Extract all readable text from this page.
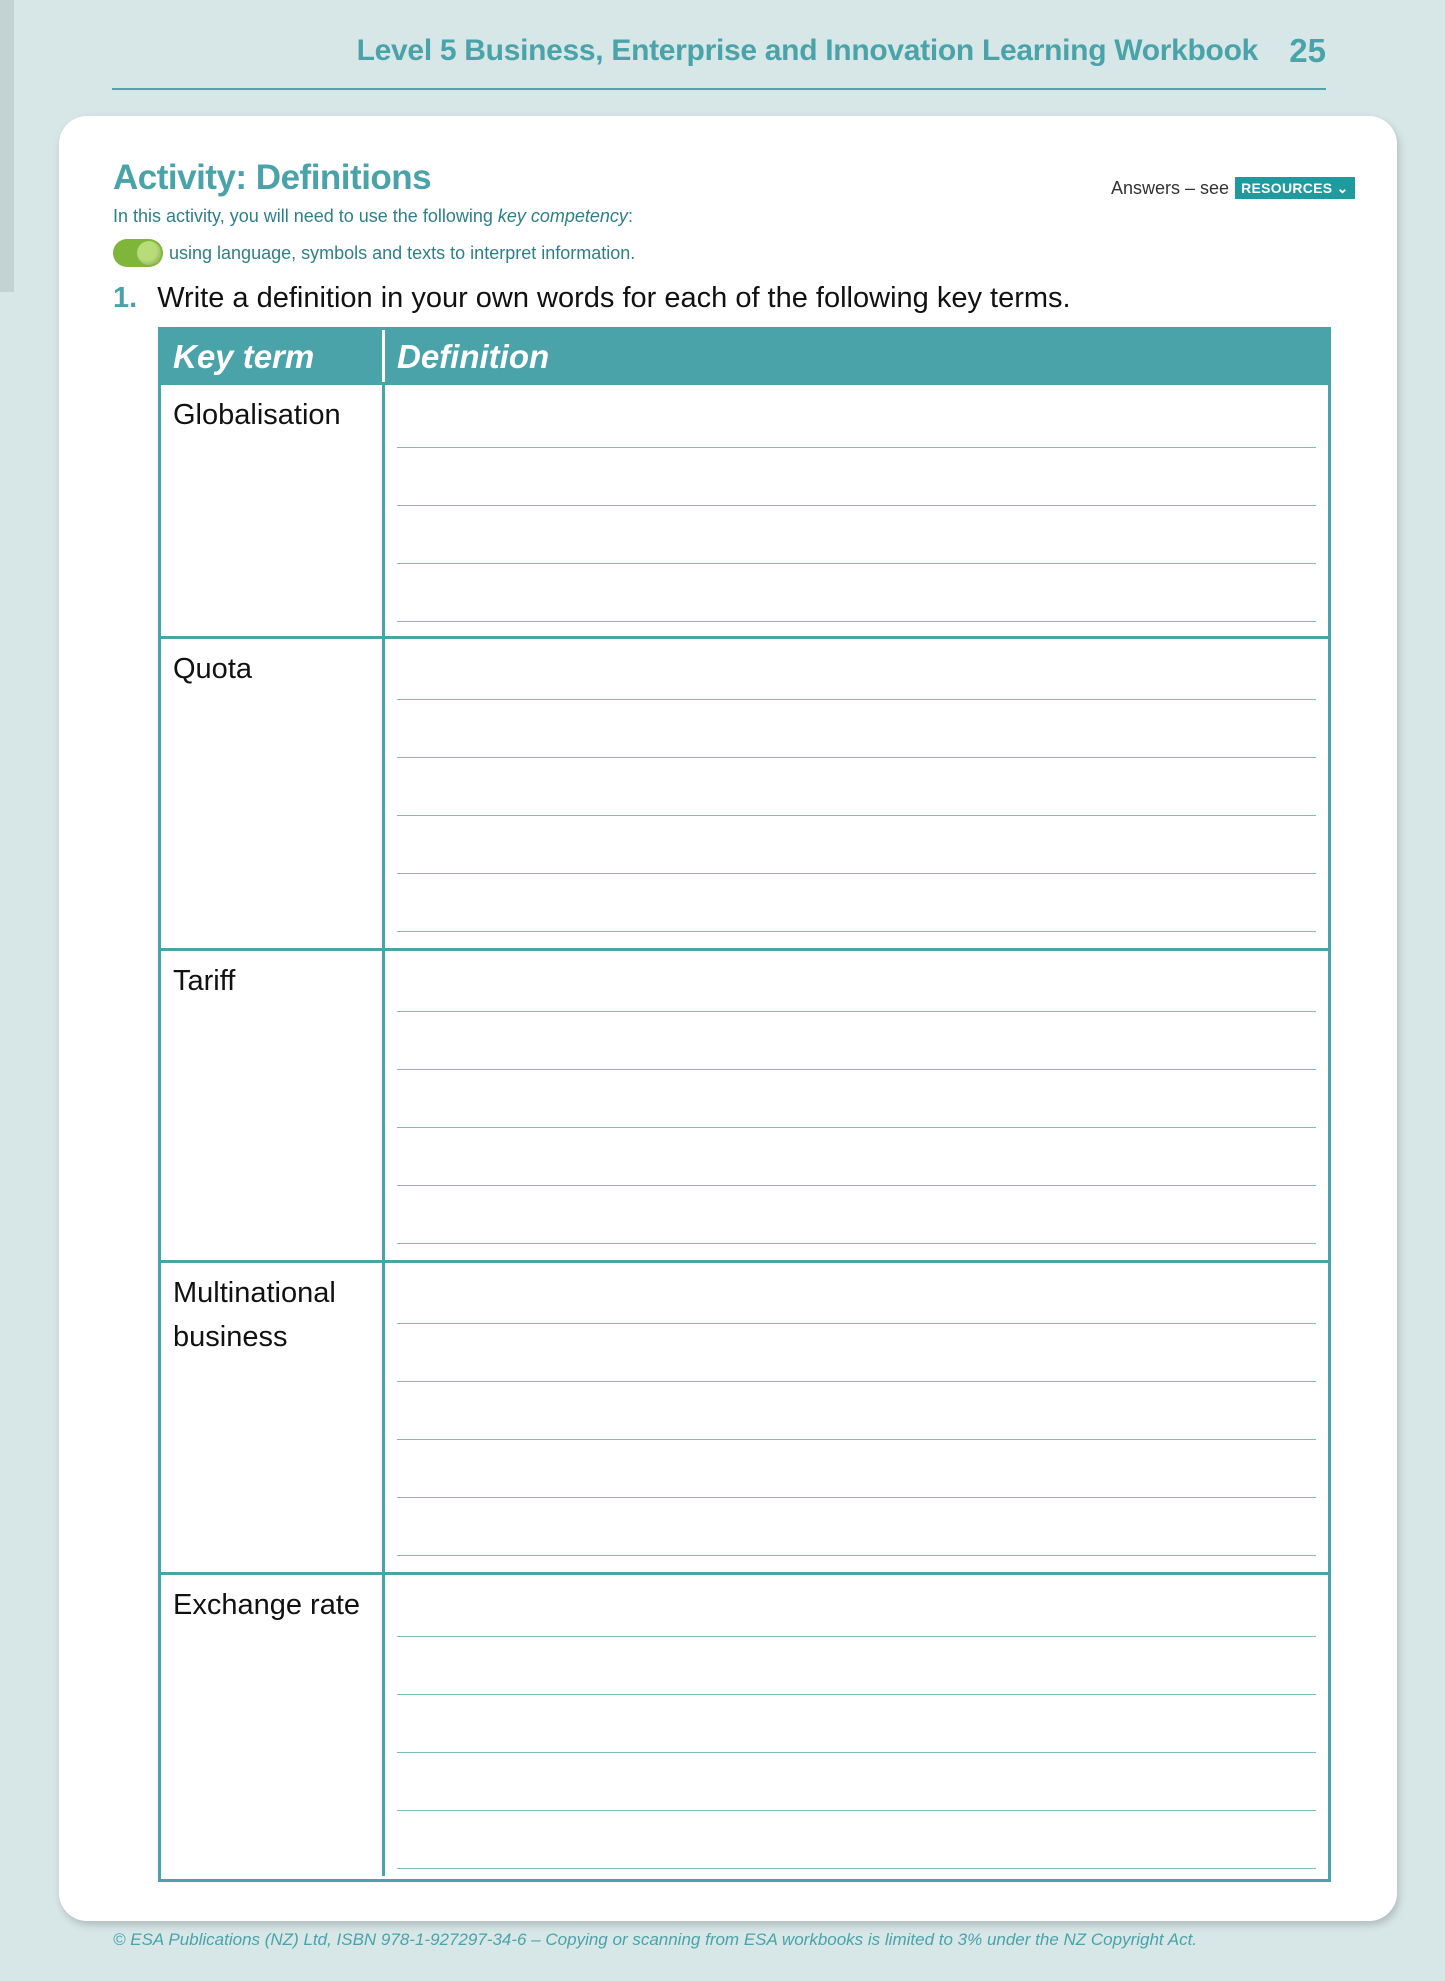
Level 5 Business, Enterprise and Innovation Learning Workbook 25
Activity: Definitions	Answers – see RESOURCES ⌄
In this activity, you will need to use the following key competency:
using language, symbols and texts to interpret information.
1. Write a definition in your own words for each of the following key terms.
Key term	Definition
Globalisation
Quota
Tariff
Multinational business
Exchange rate
© ESA Publications (NZ) Ltd, ISBN 978-1-927297-34-6 – Copying or scanning from ESA workbooks is limited to 3% under the NZ Copyright Act.
